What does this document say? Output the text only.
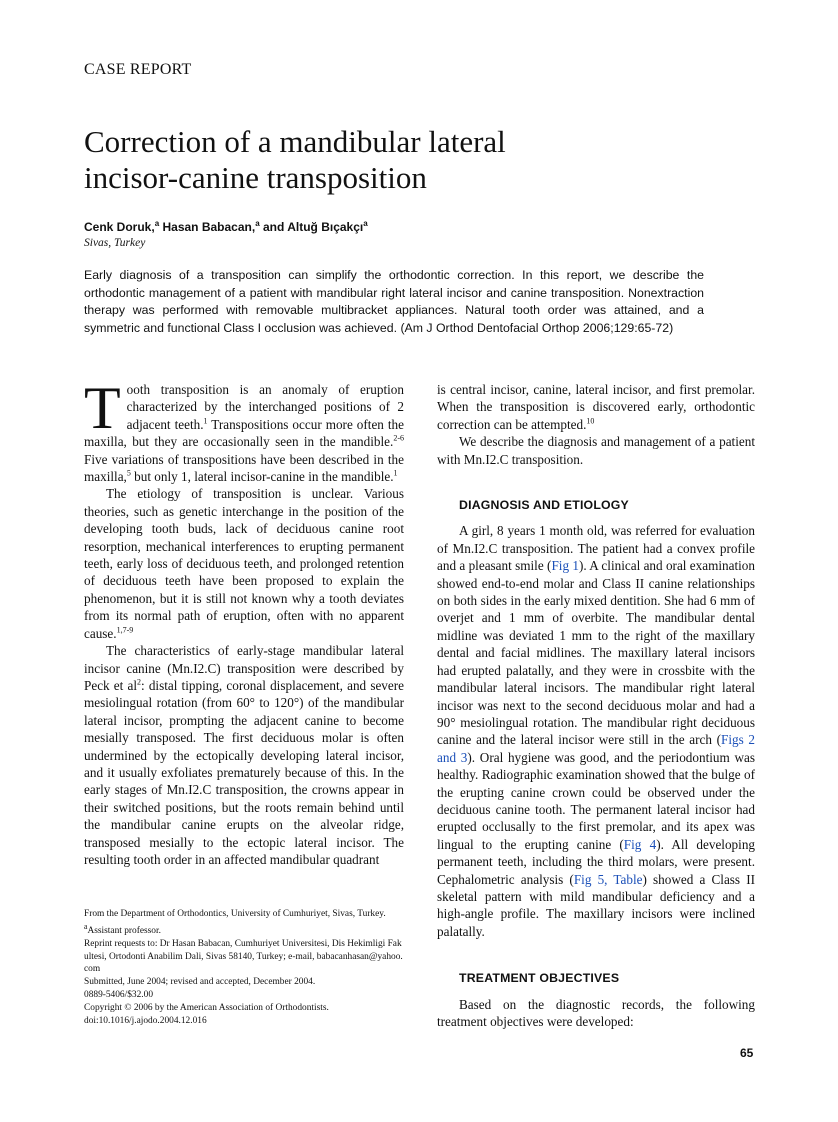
CASE REPORT
Correction of a mandibular lateral
incisor-canine transposition
Cenk Doruk,$^a$ Hasan Babacan,$^a$ and Altuğ Bıçakçı$^a$
Sivas, Turkey

Early diagnosis of a transposition can simplify the orthodontic correction. In this report, we describe the orthodontic management of a patient with mandibular right lateral incisor and canine transposition. Nonextraction therapy was performed with removable multibracket appliances. Natural tooth order was attained, and a symmetric and functional Class I occlusion was achieved. (Am J Orthod Dentofacial Orthop 2006;129:65-72)

Tooth transposition is an anomaly of eruption characterized by the interchanged positions of 2 adjacent teeth.$^1$ Transpositions occur more often the maxilla, but they are occasionally seen in the mandible.$^{2-6}$ Five variations of transpositions have been described in the maxilla,$^5$ but only 1, lateral incisor-canine in the mandible.$^1$

The etiology of transposition is unclear. Various theories, such as genetic interchange in the position of the developing tooth buds, lack of deciduous canine root resorption, mechanical interferences to erupting permanent teeth, early loss of deciduous teeth, and prolonged retention of deciduous teeth have been proposed to explain the phenomenon, but it is still not known why a tooth deviates from its normal path of eruption, often with no apparent cause.$^{1,7-9}$

The characteristics of early-stage mandibular lateral incisor canine (Mn.I2.C) transposition were described by Peck et $al^2$: distal tipping, coronal displacement, and severe mesiolingual rotation (from 60° to 120°) of the mandibular lateral incisor, prompting the adjacent canine to become mesially transposed. The first deciduous molar is often undermined by the ectopically developing lateral incisor, and it usually exfoliates prematurely because of this. In the early stages of Mn.I2.C transposition, the crowns appear in their switched positions, but the roots remain behind until the mandibular canine erupts on the alveolar ridge, transposed mesially to the ectopic lateral incisor. The resulting tooth order in an affected mandibular quadrant

From the Department of Orthodontics, University of Cumhuriyet, Sivas, Turkey.
$^a$Assistant professor.
Reprint requests to: Dr Hasan Babacan, Cumhuriyet Universitesi, Dis Hekimligi Fakultesi, Ortodonti Anabilim Dali, Sivas 58140, Turkey; e-mail, babacanhasan@yahoo.com
Submitted, June 2004; revised and accepted, December 2004.
0889-5406/$32.00
Copyright © 2006 by the American Association of Orthodontists.
doi:10.1016/j.ajodo.2004.12.016

is central incisor, canine, lateral incisor, and first premolar. When the transposition is discovered early, orthodontic correction can be attempted.$^{10}$

We describe the diagnosis and management of a patient with Mn.I2.C transposition.

DIAGNOSIS AND ETIOLOGY

A girl, 8 years 1 month old, was referred for evaluation of Mn.I2.C transposition. The patient had a convex profile and a pleasant smile (Fig 1). A clinical and oral examination showed end-to-end molar and Class II canine relationships on both sides in the early mixed dentition. She had 6 mm of overjet and 1 mm of overbite. The mandibular dental midline was deviated 1 mm to the right of the maxillary dental and facial midlines. The maxillary lateral incisors had erupted palatally, and they were in crossbite with the mandibular lateral incisors. The mandibular right lateral incisor was next to the second deciduous molar and had a 90° mesiolingual rotation. The mandibular right deciduous canine and the lateral incisor were still in the arch (Figs 2 and 3). Oral hygiene was good, and the periodontium was healthy. Radiographic examination showed that the bulge of the erupting canine crown could be observed under the deciduous canine tooth. The permanent lateral incisor had erupted occlusally to the first premolar, and its apex was lingual to the erupting canine (Fig 4). All developing permanent teeth, including the third molars, were present. Cephalometric analysis (Fig 5, Table) showed a Class II skeletal pattern with mild mandibular deficiency and a high-angle profile. The maxillary incisors were inclined palatally.

TREATMENT OBJECTIVES

Based on the diagnostic records, the following treatment objectives were developed:

65
